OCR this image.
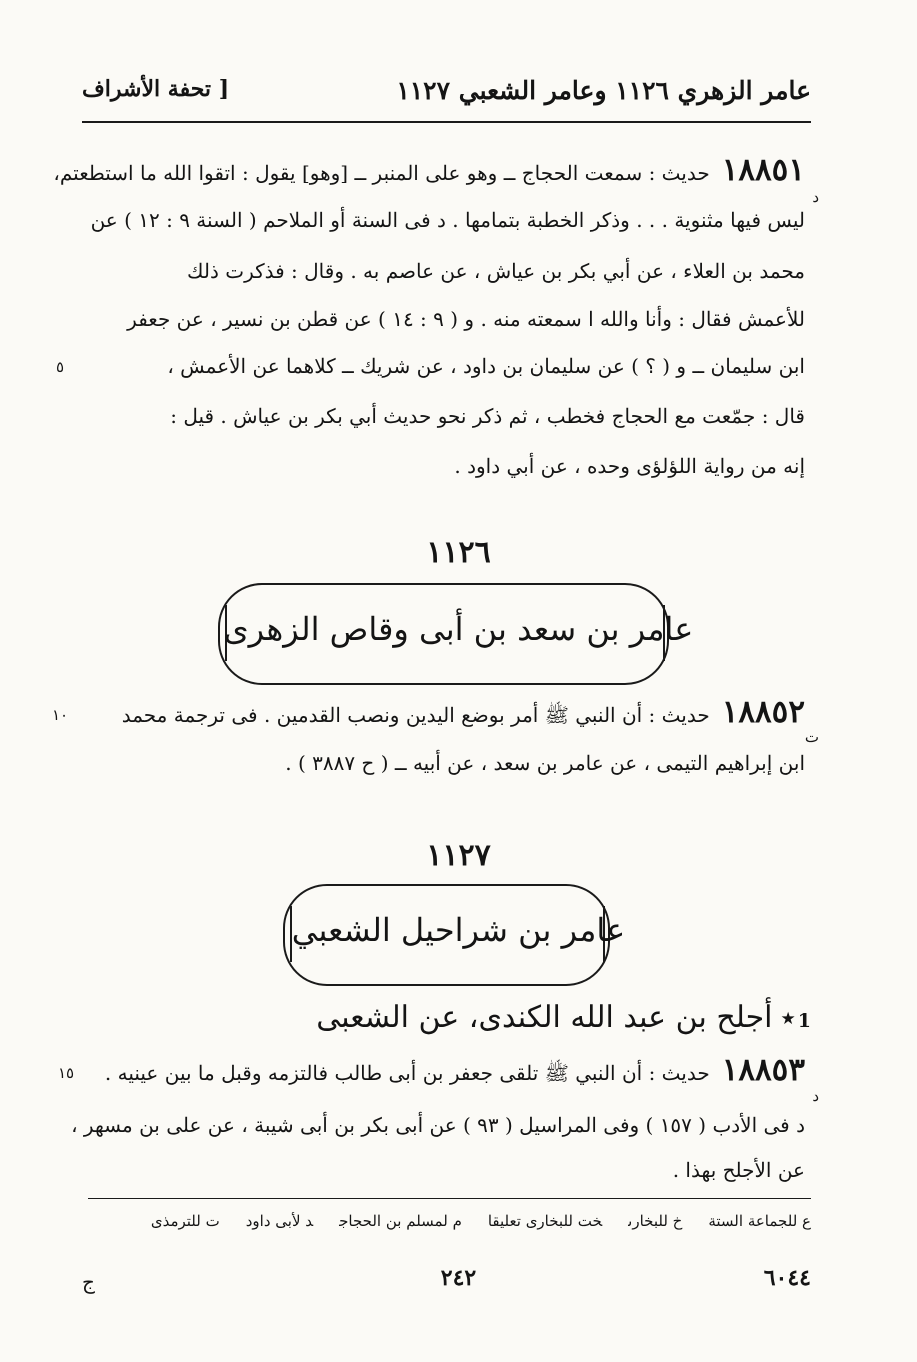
عامر الزهري ١١٢٦ وعامر الشعبي ١١٢٧
[ تحفة الأشراف
١٨٨٥١حديث : سمعت الحجاج ــ وهو على المنبر ــ [وهو] يقول : اتقوا الله ما استطعتم،
د
ليس فيها مثنوية . . . وذكر الخطبة بتمامها . د فى السنة أو الملاحم ( السنة ٩ : ١٢ ) عن
محمد بن العلاء ، عن أبي بكر بن عياش ، عن عاصم به . وقال : فذكرت ذلك
للأعمش فقال : وأنا والله ا سمعته منه . و ( ٩ : ١٤ ) عن قطن بن نسير ، عن جعفر
ابن سليمان ــ و ( ؟ ) عن سليمان بن داود ، عن شريك ــ كلاهما عن الأعمش ،
٥
قال : جمّعت مع الحجاج فخطب ، ثم ذكر نحو حديث أبي بكر بن عياش . قيل :
إنه من رواية اللؤلؤى وحده ، عن أبي داود .
١١٢٦
عامر بن سعد بن أبى وقاص الزهرى
١٨٨٥٢حديث : أن النبي ﷺ أمر بوضع اليدين ونصب القدمين . فى ترجمة محمد
ت
١٠
ابن إبراهيم التيمى ، عن عامر بن سعد ، عن أبيه ــ ( ح ٣٨٨٧ ) .
١١٢٧
عامر بن شراحيل الشعبي
1★أجلح بن عبد الله الكندى، عن الشعبى
١٨٨٥٣حديث : أن النبي ﷺ تلقى جعفر بن أبى طالب فالتزمه وقبل ما بين عينيه .
د
١٥
د فى الأدب ( ١٥٧ ) وفى المراسيل ( ٩٣ ) عن أبى بكر بن أبى شيبة ، عن على بن مسهر ،
عن الأجلح بهذا .
ع للجماعة الستةخ للبخارىخت للبخارى تعليقام لمسلم بن الحجاجد لأبى داودت للترمذى
٦٠٤٤
٢٤٢
ج
